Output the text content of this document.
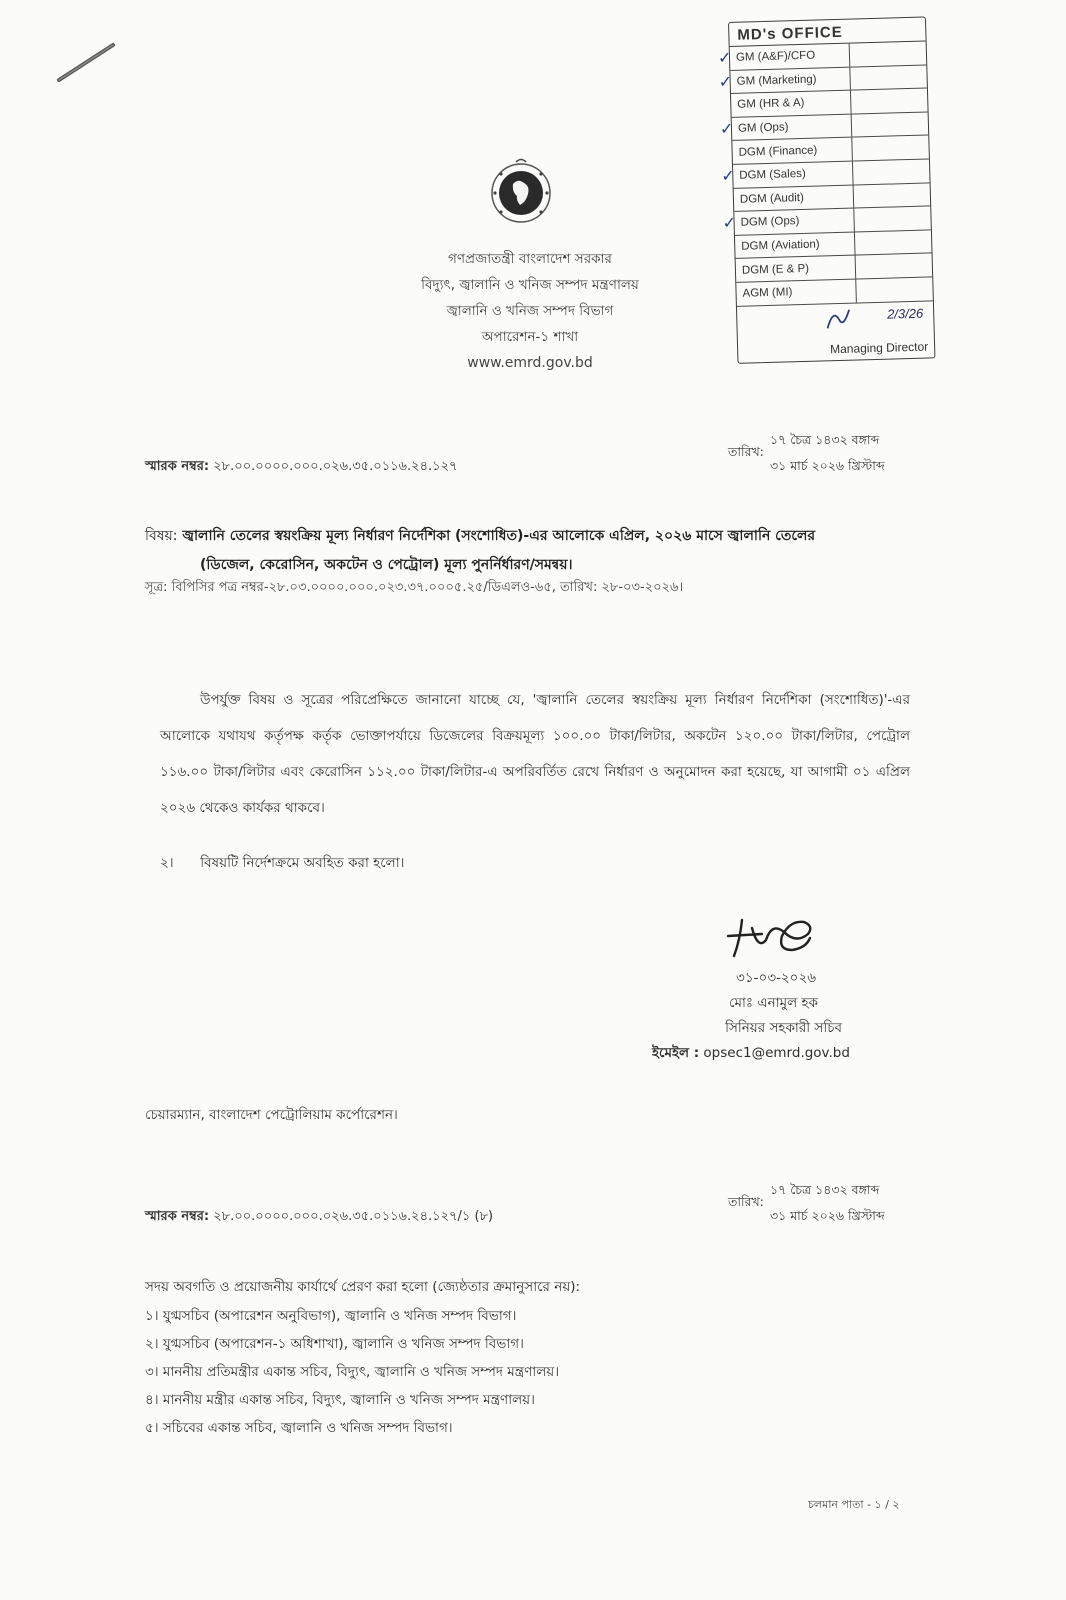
গণপ্রজাতন্ত্রী বাংলাদেশ সরকার
বিদ্যুৎ, জ্বালানি ও খনিজ সম্পদ মন্ত্রণালয়
জ্বালানি ও খনিজ সম্পদ বিভাগ
অপারেশন-১ শাখা
www.emrd.gov.bd
MD's OFFICE
✓ GM (A&F)/CFO
✓ GM (Marketing)
GM (HR & A)
✓ GM (Ops)
DGM (Finance)
✓ DGM (Sales)
DGM (Audit)
✓ DGM (Ops)
DGM (Aviation)
DGM (E & P)
AGM (MI)
2/3/26
Managing Director
স্মারক নম্বর: ২৮.০০.০০০০.০০০.০২৬.৩৫.০১১৬.২৪.১২৭
তারিখ:
১৭ চৈত্র ১৪৩২ বঙ্গাব্দ
৩১ মার্চ ২০২৬ খ্রিস্টাব্দ
বিষয়: জ্বালানি তেলের স্বয়ংক্রিয় মূল্য নির্ধারণ নির্দেশিকা (সংশোধিত)-এর আলোকে এপ্রিল, ২০২৬ মাসে জ্বালানি তেলের
(ডিজেল, কেরোসিন, অকটেন ও পেট্রোল) মূল্য পুনর্নির্ধারণ/সমন্বয়।
সূত্র: বিপিসির পত্র নম্বর-২৮.০৩.০০০০.০০০.০২৩.৩৭.০০০৫.২৫/ডিএলও-৬৫, তারিখ: ২৮-০৩-২০২৬।
উপর্যুক্ত বিষয় ও সূত্রের পরিপ্রেক্ষিতে জানানো যাচ্ছে যে, 'জ্বালানি তেলের স্বয়ংক্রিয় মূল্য নির্ধারণ নির্দেশিকা (সংশোধিত)'-এর আলোকে যথাযথ কর্তৃপক্ষ কর্তৃক ভোক্তাপর্যায়ে ডিজেলের বিক্রয়মূল্য ১০০.০০ টাকা/লিটার, অকটেন ১২০.০০ টাকা/লিটার, পেট্রোল ১১৬.০০ টাকা/লিটার এবং কেরোসিন ১১২.০০ টাকা/লিটার-এ অপরিবর্তিত রেখে নির্ধারণ ও অনুমোদন করা হয়েছে, যা আগামী ০১ এপ্রিল ২০২৬ থেকেও কার্যকর থাকবে।
২। বিষয়টি নির্দেশক্রমে অবহিত করা হলো।
৩১-০৩-২০২৬
মোঃ এনামুল হক
সিনিয়র সহকারী সচিব
ইমেইল : opsec1@emrd.gov.bd
চেয়ারম্যান, বাংলাদেশ পেট্রোলিয়াম কর্পোরেশন।
স্মারক নম্বর: ২৮.০০.০০০০.০০০.০২৬.৩৫.০১১৬.২৪.১২৭/১ (৮)
তারিখ:
১৭ চৈত্র ১৪৩২ বঙ্গাব্দ
৩১ মার্চ ২০২৬ খ্রিস্টাব্দ
সদয় অবগতি ও প্রয়োজনীয় কার্যার্থে প্রেরণ করা হলো (জ্যেষ্ঠতার ক্রমানুসারে নয়):
১। যুগ্মসচিব (অপারেশন অনুবিভাগ), জ্বালানি ও খনিজ সম্পদ বিভাগ।
২। যুগ্মসচিব (অপারেশন-১ অধিশাখা), জ্বালানি ও খনিজ সম্পদ বিভাগ।
৩। মাননীয় প্রতিমন্ত্রীর একান্ত সচিব, বিদ্যুৎ, জ্বালানি ও খনিজ সম্পদ মন্ত্রণালয়।
৪। মাননীয় মন্ত্রীর একান্ত সচিব, বিদ্যুৎ, জ্বালানি ও খনিজ সম্পদ মন্ত্রণালয়।
৫। সচিবের একান্ত সচিব, জ্বালানি ও খনিজ সম্পদ বিভাগ।
চলমান পাতা - ১ / ২
